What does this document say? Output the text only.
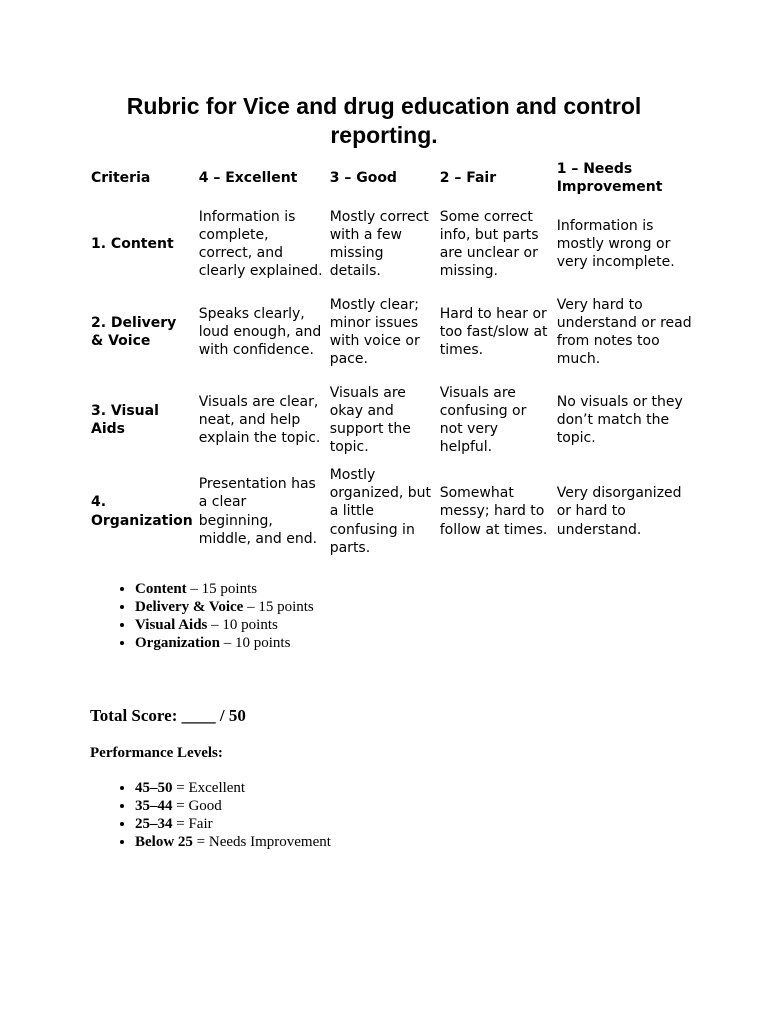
Rubric for Vice and drug education and control reporting.
Criteria	4 – Excellent	3 – Good	2 – Fair	1 – Needs Improvement
1. Content	Information is complete, correct, and clearly explained.	Mostly correct with a few missing details.	Some correct info, but parts are unclear or missing.	Information is mostly wrong or very incomplete.
2. Delivery & Voice	Speaks clearly, loud enough, and with confidence.	Mostly clear; minor issues with voice or pace.	Hard to hear or too fast/slow at times.	Very hard to understand or read from notes too much.
3. Visual Aids	Visuals are clear, neat, and help explain the topic.	Visuals are okay and support the topic.	Visuals are confusing or not very helpful.	No visuals or they don’t match the topic.
4. Organization	Presentation has a clear beginning, middle, and end.	Mostly organized, but a little confusing in parts.	Somewhat messy; hard to follow at times.	Very disorganized or hard to understand.
• Content – 15 points
• Delivery & Voice – 15 points
• Visual Aids – 10 points
• Organization – 10 points
Total Score: ____ / 50
Performance Levels:
• 45–50 = Excellent
• 35–44 = Good
• 25–34 = Fair
• Below 25 = Needs Improvement
